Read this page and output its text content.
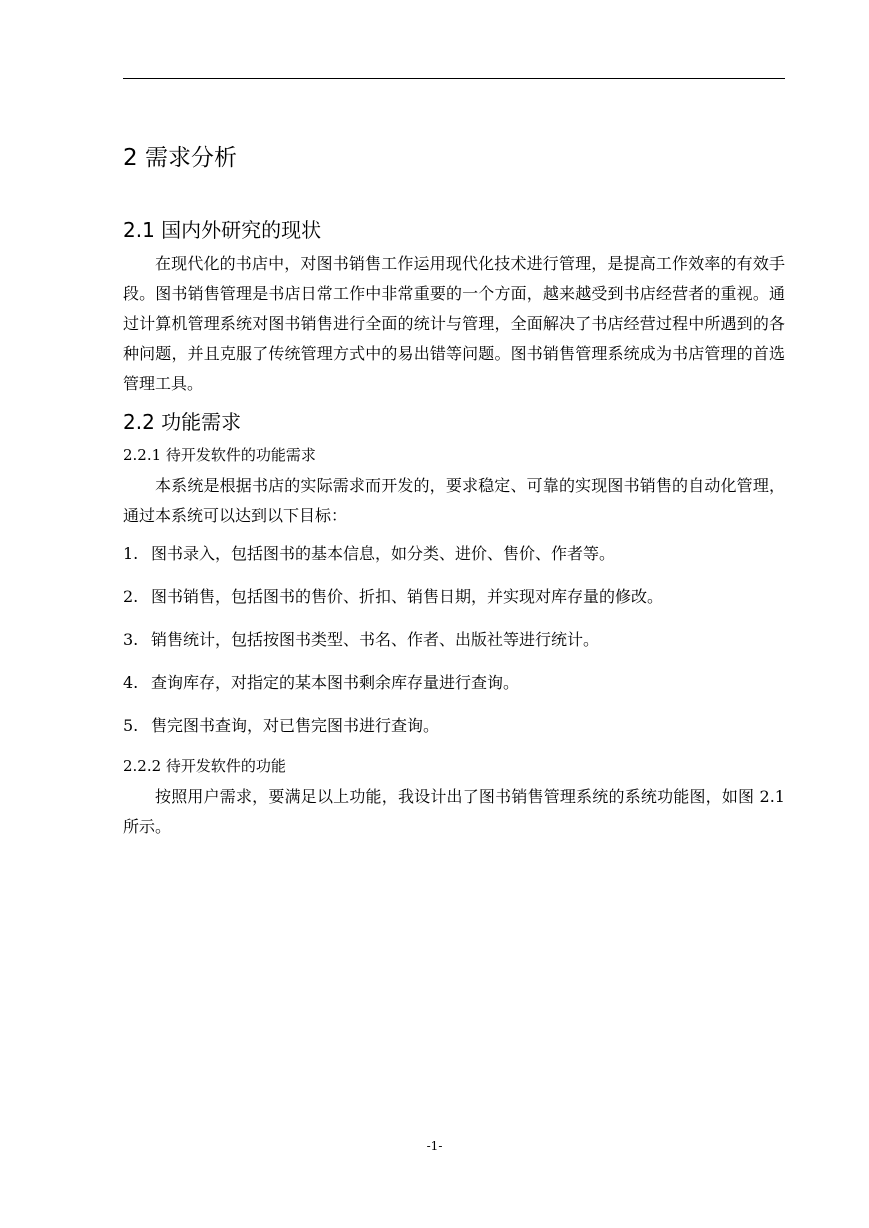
2 需求分析
2.1 国内外研究的现状

在现代化的书店中，对图书销售工作运用现代化技术进行管理，是提高工作效率的有效手段。图书销售管理是书店日常工作中非常重要的一个方面，越来越受到书店经营者的重视。通过计算机管理系统对图书销售进行全面的统计与管理，全面解决了书店经营过程中所遇到的各种问题，并且克服了传统管理方式中的易出错等问题。图书销售管理系统成为书店管理的首选管理工具。

2.2 功能需求
2.2.1 待开发软件的功能需求

本系统是根据书店的实际需求而开发的，要求稳定、可靠的实现图书销售的自动化管理，通过本系统可以达到以下目标：

1. 图书录入，包括图书的基本信息，如分类、进价、售价、作者等。
2. 图书销售，包括图书的售价、折扣、销售日期，并实现对库存量的修改。
3. 销售统计，包括按图书类型、书名、作者、出版社等进行统计。
4. 查询库存，对指定的某本图书剩余库存量进行查询。
5. 售完图书查询，对已售完图书进行查询。
2.2.2 待开发软件的功能

按照用户需求，要满足以上功能，我设计出了图书销售管理系统的系统功能图，如图 2.1 所示。

-1-
